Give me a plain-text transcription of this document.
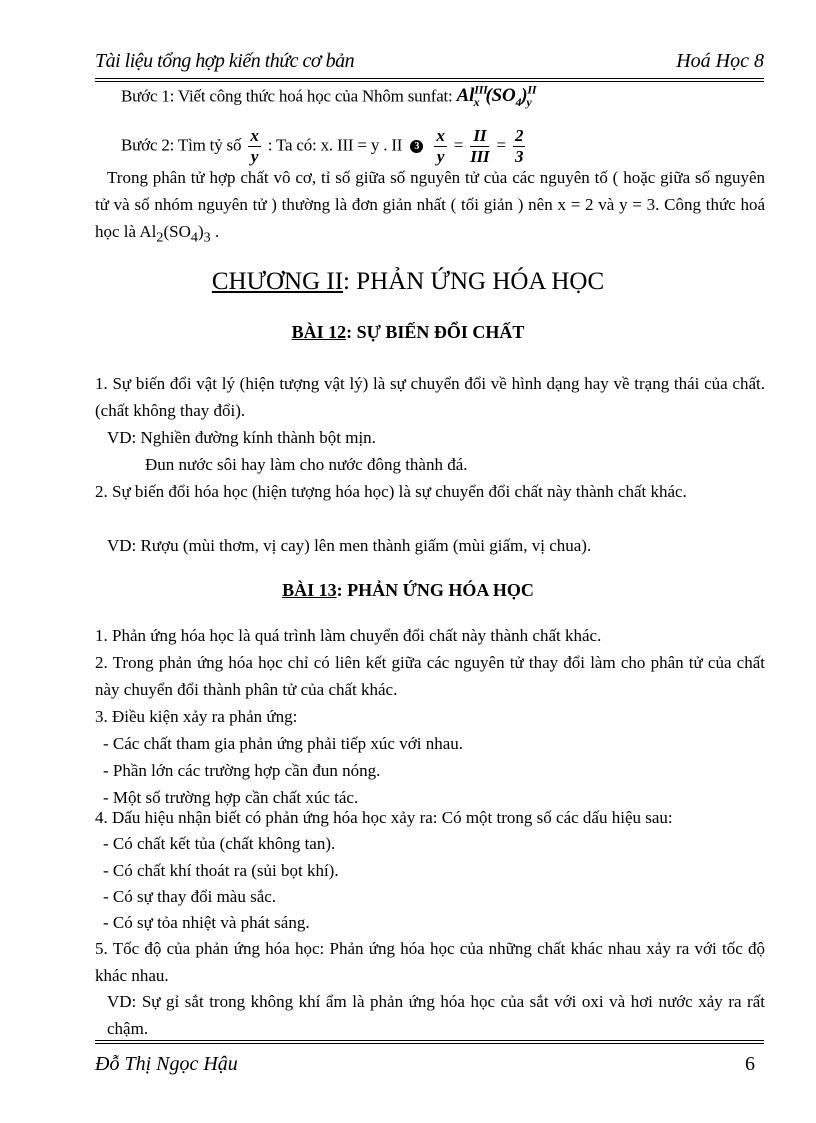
Tài liệu tổng hợp kiến thức cơ bản	Hoá Học 8
Bước 1: Viết công thức hoá học của Nhôm sunfat: $Al^{III}_x$ $(SO_4)^{II}_y$
Bước 2: Tìm tỷ số $\frac{x}{y}$ : Ta có: x. III = y . II $3 \frac{x}{y} = \frac{II}{\text{III}} = \frac{2}{3}$
Trong phân tử hợp chất vô cơ, tỉ số giữa số nguyên tử của các nguyên tố ( hoặc giữa số nguyên tử và số nhóm nguyên tử ) thường là đơn giản nhất ( tối giản ) nên x = 2 và y = 3. Công thức hoá học là $Al_2(SO_4)_3$ .
CHƯƠNG II: PHẢN ỨNG HÓA HỌC
BÀI 12: SỰ BIẾN ĐỔI CHẤT
1. Sự biến đổi vật lý (hiện tượng vật lý) là sự chuyển đổi về hình dạng hay về trạng thái của chất. (chất không thay đổi).
VD: Nghiền đường kính thành bột mịn.
Đun nước sôi hay làm cho nước đông thành đá.
2. Sự biến đổi hóa học (hiện tượng hóa học) là sự chuyển đổi chất này thành chất khác.
VD: Rượu (mùi thơm, vị cay) lên men thành giấm (mùi giấm, vị chua).
BÀI 13: PHẢN ỨNG HÓA HỌC
1. Phản ứng hóa học là quá trình làm chuyển đổi chất này thành chất khác.
2. Trong phản ứng hóa học chỉ có liên kết giữa các nguyên tử thay đổi làm cho phân tử của chất này chuyển đổi thành phân tử của chất khác.
3. Điều kiện xảy ra phản ứng:
- Các chất tham gia phản ứng phải tiếp xúc với nhau.
- Phần lớn các trường hợp cần đun nóng.
- Một số trường hợp cần chất xúc tác.
4. Dấu hiệu nhận biết có phản ứng hóa học xảy ra: Có một trong số các dấu hiệu sau:
- Có chất kết tủa (chất không tan).
- Có chất khí thoát ra (sủi bọt khí).
- Có sự thay đổi màu sắc.
- Có sự tỏa nhiệt và phát sáng.
5. Tốc độ của phản ứng hóa học: Phản ứng hóa học của những chất khác nhau xảy ra với tốc độ khác nhau.
VD: Sự gỉ sắt trong không khí ẩm là phản ứng hóa học của sắt với oxi và hơi nước xảy ra rất chậm.
Đỗ Thị Ngọc Hậu	6
